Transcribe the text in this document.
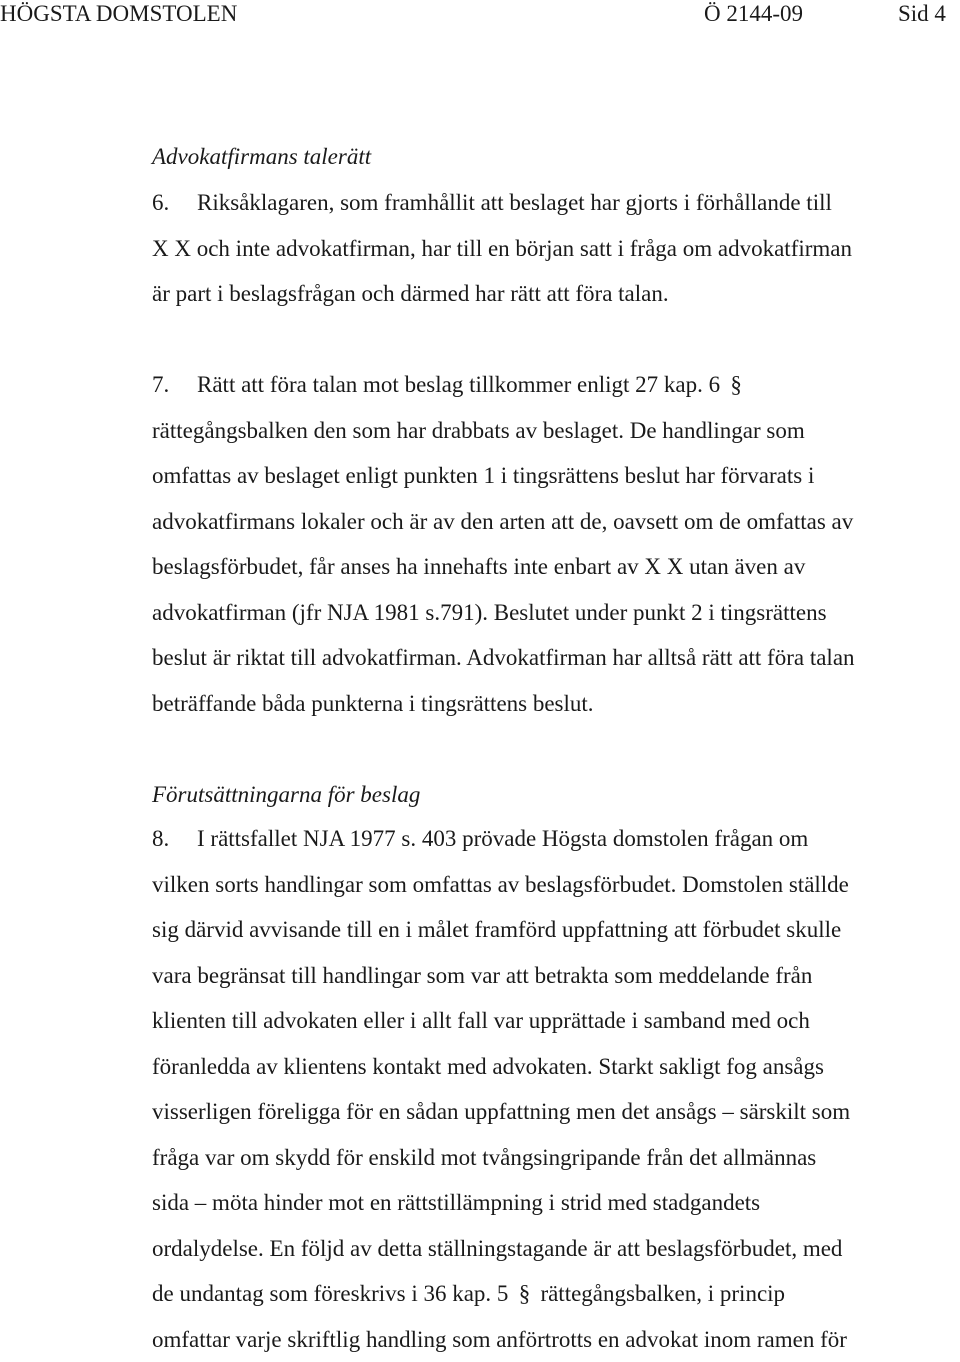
HÖGSTA DOMSTOLEN	Ö 2144-09	Sid 4
Advokatfirmans talerätt
6. Riksåklagaren, som framhållit att beslaget har gjorts i förhållande till
X X och inte advokatfirman, har till en början satt i fråga om advokatfirman
är part i beslagsfrågan och därmed har rätt att föra talan.
7. Rätt att föra talan mot beslag tillkommer enligt 27 kap. 6 §
rättegångsbalken den som har drabbats av beslaget. De handlingar som
omfattas av beslaget enligt punkten 1 i tingsrättens beslut har förvarats i
advokatfirmans lokaler och är av den arten att de, oavsett om de omfattas av
beslagsförbudet, får anses ha innehafts inte enbart av X X utan även av
advokatfirman (jfr NJA 1981 s.791). Beslutet under punkt 2 i tingsrättens
beslut är riktat till advokatfirman. Advokatfirman har alltså rätt att föra talan
beträffande båda punkterna i tingsrättens beslut.
Förutsättningarna för beslag
8. I rättsfallet NJA 1977 s. 403 prövade Högsta domstolen frågan om
vilken sorts handlingar som omfattas av beslagsförbudet. Domstolen ställde
sig därvid avvisande till en i målet framförd uppfattning att förbudet skulle
vara begränsat till handlingar som var att betrakta som meddelande från
klienten till advokaten eller i allt fall var upprättade i samband med och
föranledda av klientens kontakt med advokaten. Starkt sakligt fog ansågs
visserligen föreligga för en sådan uppfattning men det ansågs – särskilt som
fråga var om skydd för enskild mot tvångsingripande från det allmännas
sida – möta hinder mot en rättstillämpning i strid med stadgandets
ordalydelse. En följd av detta ställningstagande är att beslagsförbudet, med
de undantag som föreskrivs i 36 kap. 5 § rättegångsbalken, i princip
omfattar varje skriftlig handling som anförtrotts en advokat inom ramen för
